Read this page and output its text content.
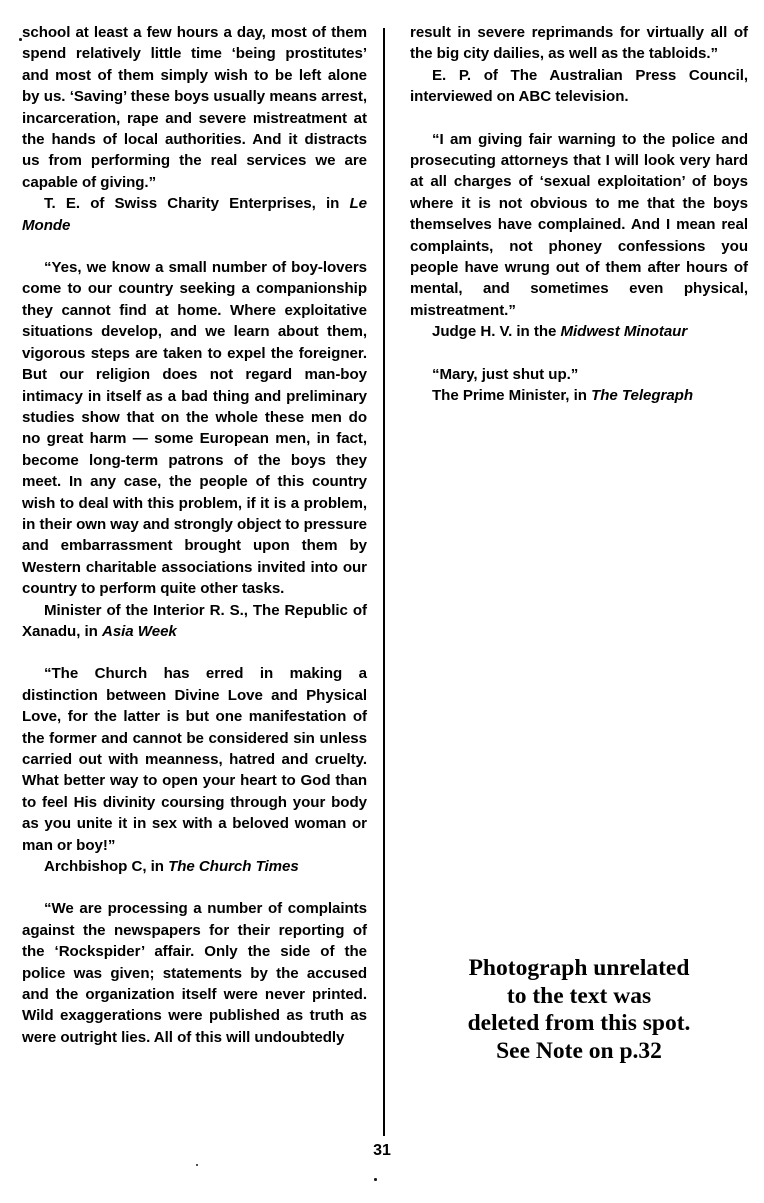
school at least a few hours a day, most of them spend relatively little time ‘being prostitutes’ and most of them simply wish to be left alone by us. ‘Saving’ these boys usually means arrest, incarceration, rape and severe mistreatment at the hands of local authorities. And it distracts us from performing the real services we are capable of giving.”

T. E. of Swiss Charity Enterprises, in Le Monde

“Yes, we know a small number of boy-lovers come to our country seeking a companionship they cannot find at home. Where exploitative situations develop, and we learn about them, vigorous steps are taken to expel the foreigner. But our religion does not regard man-boy intimacy in itself as a bad thing and preliminary studies show that on the whole these men do no great harm — some European men, in fact, become long-term patrons of the boys they meet. In any case, the people of this country wish to deal with this problem, if it is a problem, in their own way and strongly object to pressure and embarrassment brought upon them by Western charitable associations invited into our country to perform quite other tasks.

Minister of the Interior R. S., The Republic of Xanadu, in Asia Week

“The Church has erred in making a distinction between Divine Love and Physical Love, for the latter is but one manifestation of the former and cannot be considered sin unless carried out with meanness, hatred and cruelty. What better way to open your heart to God than to feel His divinity coursing through your body as you unite it in sex with a beloved woman or man or boy!”

Archbishop C, in The Church Times

“We are processing a number of complaints against the newspapers for their reporting of the ‘Rockspider’ affair. Only the side of the police was given; statements by the accused and the organization itself were never printed. Wild exaggerations were published as truth as were outright lies. All of this will undoubtedly

result in severe reprimands for virtually all of the big city dailies, as well as the tabloids.”

E. P. of The Australian Press Council, interviewed on ABC television.

“I am giving fair warning to the police and prosecuting attorneys that I will look very hard at all charges of ‘sexual exploitation’ of boys where it is not obvious to me that the boys themselves have complained. And I mean real complaints, not phoney confessions you people have wrung out of them after hours of mental, and sometimes even physical, mistreatment.”

Judge H. V. in the Midwest Minotaur

“Mary, just shut up.”

The Prime Minister, in The Telegraph

Photograph unrelated
to the text was
deleted from this spot.
See Note on p.32
31
